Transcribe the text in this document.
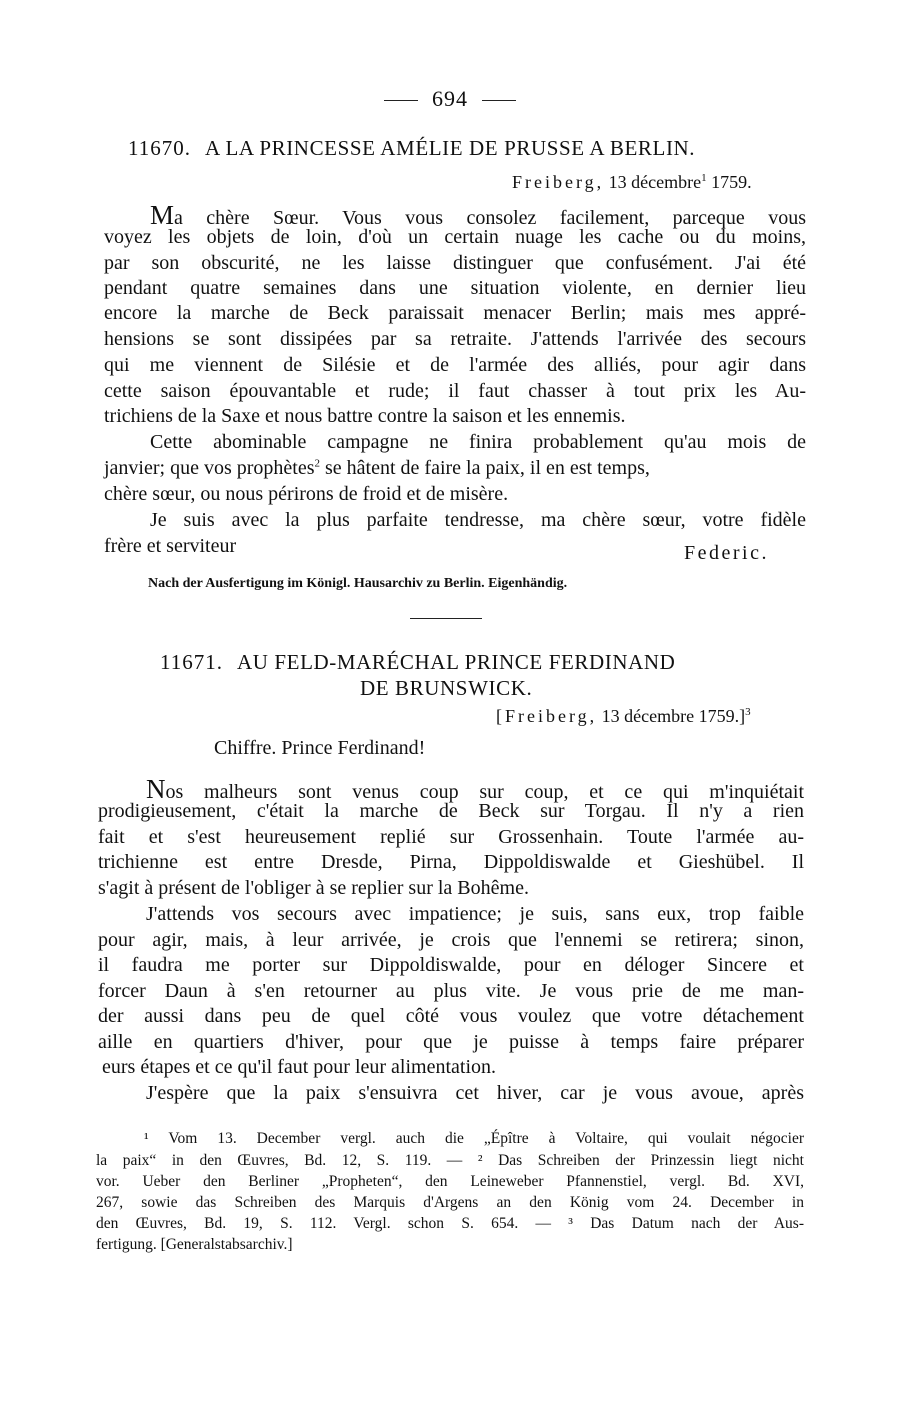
694
11670. A LA PRINCESSE AMÉLIE DE PRUSSE A BERLIN.
Freiberg, 13 décembre$^1$ 1759.
Ma chère Sœur. Vous vous consolez facilement, parceque vous
voyez les objets de loin, d'où un certain nuage les cache ou du moins,
par son obscurité, ne les laisse distinguer que confusément. J'ai été
pendant quatre semaines dans une situation violente, en dernier lieu
encore la marche de Beck paraissait menacer Berlin; mais mes appré-
hensions se sont dissipées par sa retraite. J'attends l'arrivée des secours
qui me viennent de Silésie et de l'armée des alliés, pour agir dans
cette saison épouvantable et rude; il faut chasser à tout prix les Au-
trichiens de la Saxe et nous battre contre la saison et les ennemis.
Cette abominable campagne ne finira probablement qu'au mois de
janvier; que vos prophètes$^2$ se hâtent de faire la paix, il en est temps,
chère sœur, ou nous périrons de froid et de misère.
Je suis avec la plus parfaite tendresse, ma chère sœur, votre fidèle
frère et serviteur	Federic.
Nach der Ausfertigung im Königl. Hausarchiv zu Berlin. Eigenhändig.
11671. AU FELD-MARÉCHAL PRINCE FERDINAND
DE BRUNSWICK.
[Freiberg, 13 décembre 1759.]$^3$
Chiffre. Prince Ferdinand!
Nos malheurs sont venus coup sur coup, et ce qui m'inquiétait
prodigieusement, c'était la marche de Beck sur Torgau. Il n'y a rien
fait et s'est heureusement replié sur Grossenhain. Toute l'armée au-
trichienne est entre Dresde, Pirna, Dippoldiswalde et Gieshübel. Il
s'agit à présent de l'obliger à se replier sur la Bohême.
J'attends vos secours avec impatience; je suis, sans eux, trop faible
pour agir, mais, à leur arrivée, je crois que l'ennemi se retirera; sinon,
il faudra me porter sur Dippoldiswalde, pour en déloger Sincere et
forcer Daun à s'en retourner au plus vite. Je vous prie de me man-
der aussi dans peu de quel côté vous voulez que votre détachement
aille en quartiers d'hiver, pour que je puisse à temps faire préparer
eurs étapes et ce qu'il faut pour leur alimentation.
J'espère que la paix s'ensuivra cet hiver, car je vous avoue, après
¹ Vom 13. December vergl. auch die „Épître à Voltaire, qui voulait négocier
la paix“ in den Œuvres, Bd. 12, S. 119. — ² Das Schreiben der Prinzessin liegt nicht
vor. Ueber den Berliner „Propheten“, den Leineweber Pfannenstiel, vergl. Bd. XVI,
267, sowie das Schreiben des Marquis d'Argens an den König vom 24. December in
den Œuvres, Bd. 19, S. 112. Vergl. schon S. 654. — ³ Das Datum nach der Aus-
fertigung. [Generalstabsarchiv.]
